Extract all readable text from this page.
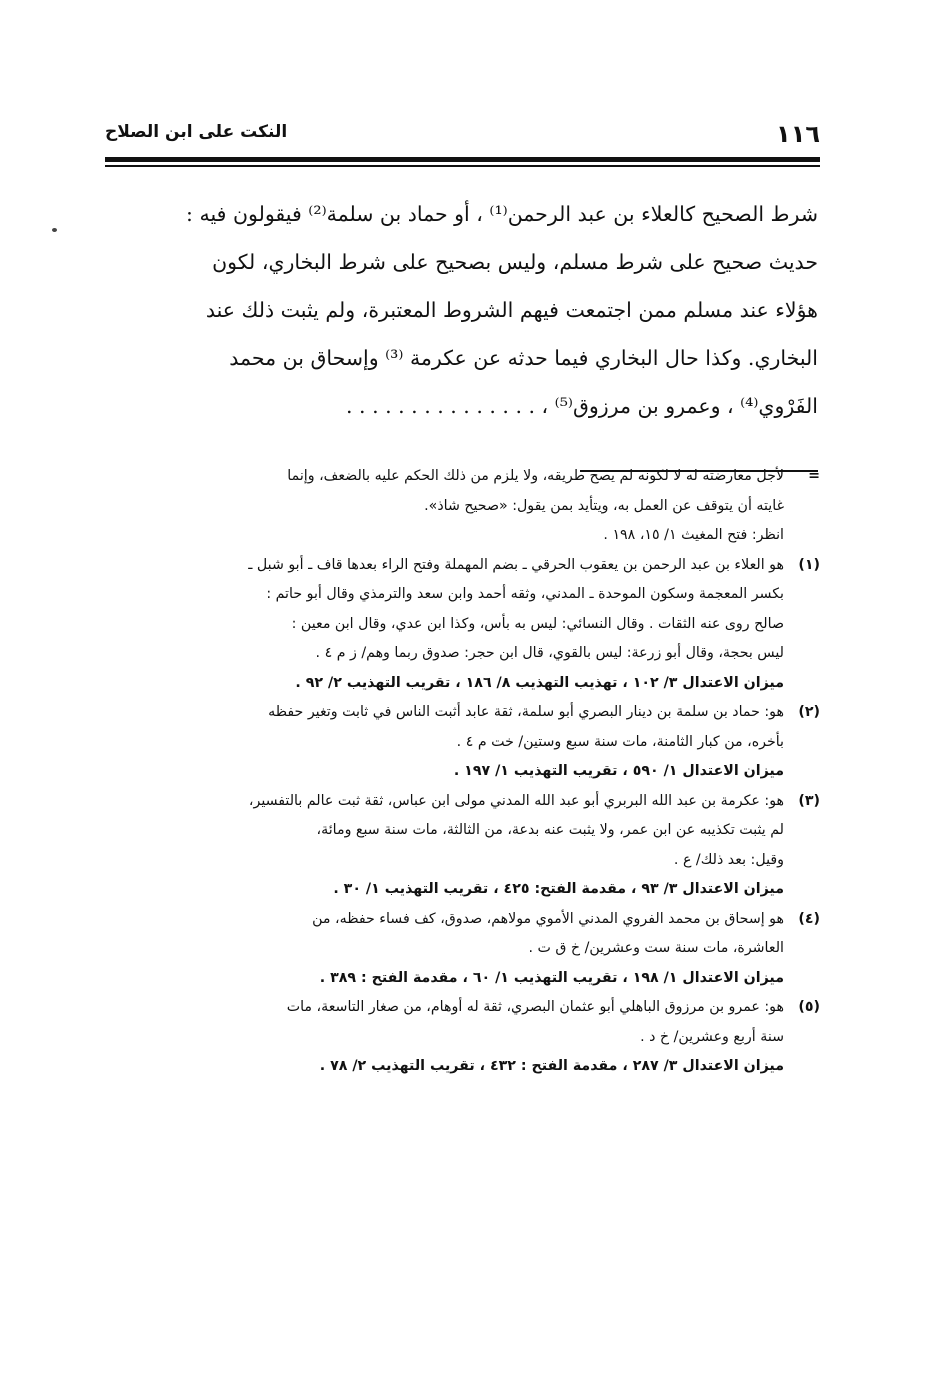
١١٦
النكت على ابن الصلاح

شرط الصحيح كالعلاء بن عبد الرحمن⁽¹⁾ ، أو حماد بن سلمة⁽²⁾ فيقولون فيه :

حديث صحيح على شرط مسلم، وليس بصحيح على شرط البخاري، لكون

هؤلاء عند مسلم ممن اجتمعت فيهم الشروط المعتبرة، ولم يثبت ذلك عند

البخاري. وكذا حال البخاري فيما حدثه عن عكرمة ⁽³⁾ وإسحاق بن محمد

الفَرْوي⁽⁴⁾ ، وعمرو بن مرزوق⁽⁵⁾ ، . . . . . . . . . . . . . . .

=
لأجل معارضته له لا لكونه لم يصح طريقه، ولا يلزم من ذلك الحكم عليه بالضعف، وإنما
غايته أن يتوقف عن العمل به، ويتأيد بمن يقول: «صحيح شاذ».
انظر: فتح المغيث ١/ ١٥، ١٩٨ .
(١)
هو العلاء بن عبد الرحمن بن يعقوب الحرقي ـ بضم المهملة وفتح الراء بعدها قاف ـ أبو شبل ـ
بكسر المعجمة وسكون الموحدة ـ المدني، وثقه أحمد وابن سعد والترمذي وقال أبو حاتم :
صالح روى عنه الثقات . وقال النسائي: ليس به بأس، وكذا ابن عدي، وقال ابن معين :
ليس بحجة، وقال أبو زرعة: ليس بالقوي، قال ابن حجر: صدوق ربما وهم/ ز م ٤ .
ميزان الاعتدال ٣/ ١٠٢ ، تهذيب التهذيب ٨/ ١٨٦ ، تقريب التهذيب ٢/ ٩٢ .
(٢)
هو: حماد بن سلمة بن دينار البصري أبو سلمة، ثقة عابد أثبت الناس في ثابت وتغير حفظه
بأخره، من كبار الثامنة، مات سنة سبع وستين/ خت م ٤ .
ميزان الاعتدال ١/ ٥٩٠ ، تقريب التهذيب ١/ ١٩٧ .
(٣)
هو: عكرمة بن عبد الله البربري أبو عبد الله المدني مولى ابن عباس، ثقة ثبت عالم بالتفسير،
لم يثبت تكذيبه عن ابن عمر، ولا يثبت عنه بدعة، من الثالثة، مات سنة سبع ومائة،
وقيل: بعد ذلك/ ع .
ميزان الاعتدال ٣/ ٩٣ ، مقدمة الفتح: ٤٢٥ ، تقريب التهذيب ١/ ٣٠ .
(٤)
هو إسحاق بن محمد الفروي المدني الأموي مولاهم، صدوق، كف فساء حفظه، من
العاشرة، مات سنة ست وعشرين/ خ ق ت .
ميزان الاعتدال ١/ ١٩٨ ، تقريب التهذيب ١/ ٦٠ ، مقدمة الفتح : ٣٨٩ .
(٥)
هو: عمرو بن مرزوق الباهلي أبو عثمان البصري، ثقة له أوهام، من صغار التاسعة، مات
سنة أربع وعشرين/ خ د .
ميزان الاعتدال ٣/ ٢٨٧ ، مقدمة الفتح : ٤٣٢ ، تقريب التهذيب ٢/ ٧٨ .
